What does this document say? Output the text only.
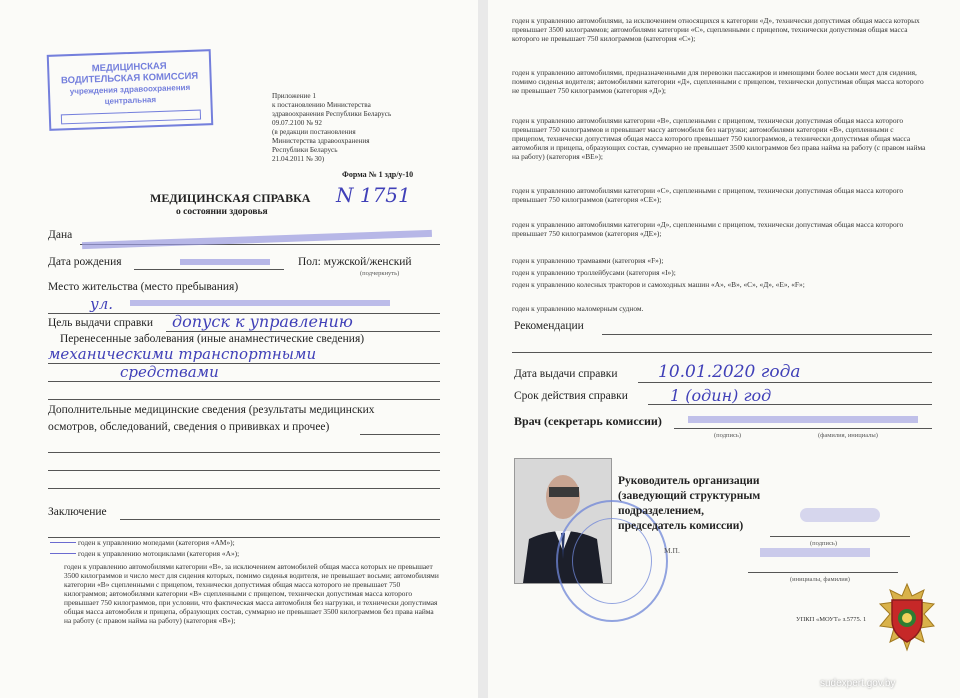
МЕДИЦИНСКАЯ
ВОДИТЕЛЬСКАЯ КОМИССИЯ
учреждения здравоохранения
центральная	Приложение 1
к постановлению Министерства
здравоохранения Республики Беларусь
09.07.2100 № 92
(в редакции постановления
Министерства здравоохранения
Республики Беларусь
21.04.2011 № 30)
Форма № 1 здр/у-10
МЕДИЦИНСКАЯ СПРАВКА N 1751
о состоянии здоровья
Дана
Дата рождения	Пол: мужской/женский
(подчеркнуть)
Место жительства (место пребывания)
ул.
Цель выдачи справки допуск к управлению
Перенесенные заболевания (иные анамнестические сведения)
механическими транспортными
средствами
Дополнительные медицинские сведения (результаты медицинских
осмотров, обследований, сведения о прививках и прочее)
Заключение
годен к управлению мопедами (категория «АМ»);
годен к управлению мотоциклами (категория «А»);
годен к управлению автомобилями категории «В», за исключением автомобилей общая масса которых не превышает 3500 килограммов и число мест для сидения которых, помимо сиденья водителя, не превышает восьми; автомобилями категории «В» сцепленными с прицепом, технически допустимая общая масса которого не превышает 750 килограммов; автомобилями категории «В» сцепленными с прицепом, технически допустимая масса которого превышает 750 килограммов, при условии, что фактическая масса автомобиля без нагрузки, и технически допустимая общая масса автомобиля и прицепа, образующих состав, суммарно не превышает 3500 килограммов без права найма на работу (с правом найма на работу) (категория «В»);
годен к управлению автомобилями, за исключением относящихся к категории «Д», технически допустимая общая масса которых превышает 3500 килограммов; автомобилями категории «С», сцепленными с прицепом, технически допустимая общая масса которого не превышает 750 килограммов (категория «С»);
годен к управлению автомобилями, предназначенными для перевозки пассажиров и имеющими более восьми мест для сидения, помимо сиденья водителя; автомобилями категории «Д», сцепленными с прицепом, технически допустимая общая масса которого не превышает 750 килограммов (категория «Д»);
годен к управлению автомобилями категории «В», сцепленными с прицепом, технически допустимая общая масса которого превышает 750 килограммов и превышает массу автомобиля без нагрузки; автомобилями категории «В», сцепленными с прицепом, технически допустимая общая масса которого превышает 750 килограммов, а технически допустимая общая масса автомобиля и прицепа, образующих состав, суммарно не превышает 3500 килограммов без права найма на работу (с правом найма на работу) (категория «ВЕ»);
годен к управлению автомобилями категории «С», сцепленными с прицепом, технически допустимая общая масса которого превышает 750 килограммов (категория «СЕ»);
годен к управлению автомобилями категории «Д», сцепленными с прицепом, технически допустимая общая масса которого превышает 750 килограммов (категория «ДЕ»);
годен к управлению трамваями (категория «F»);
годен к управлению троллейбусами (категория «I»);
годен к управлению колесных тракторов и самоходных машин «А», «В», «С», «Д», «Е», «F»;
годен к управлению маломерным судном.
Рекомендации
Дата выдачи справки 10.01.2020 года
Срок действия справки	1 (один) год
Врач (секретарь комиссии)
(подпись)	(фамилия, инициалы)
Руководитель организации
(заведующий структурным
подразделением,
председатель комиссии)
(подпись)
М.П.
(инициалы, фамилия)
УПКП «МОУТ» з.5775. 1
sudexpert.gov.by
